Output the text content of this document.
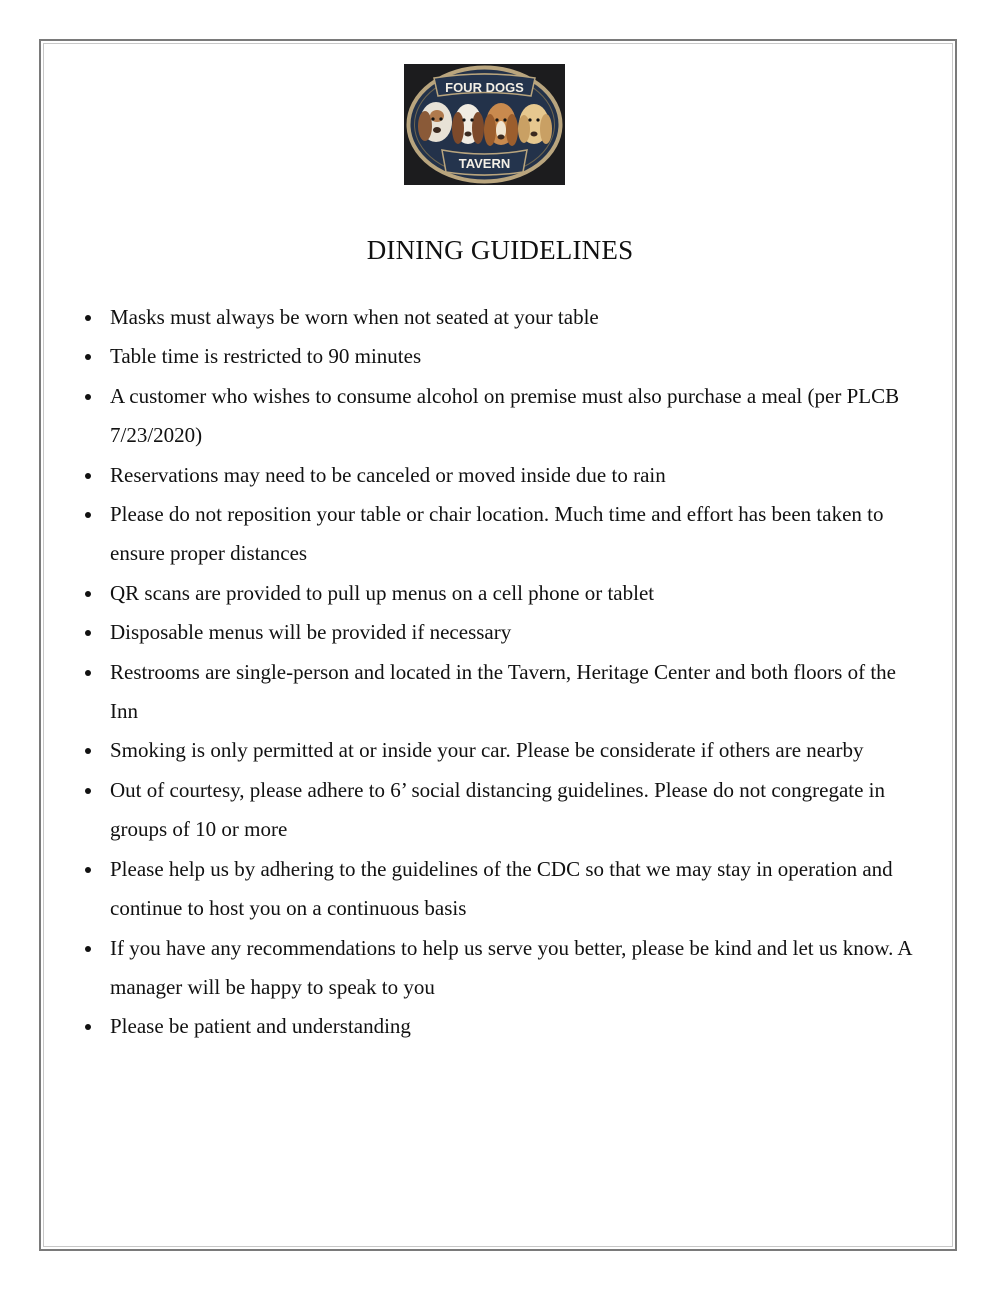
FOUR DOGS
TAVERN
DINING GUIDELINES
Masks must always be worn when not seated at your table
Table time is restricted to 90 minutes
A customer who wishes to consume alcohol on premise must also purchase a meal (per PLCB 7/23/2020)
Reservations may need to be canceled or moved inside due to rain
Please do not reposition your table or chair location. Much time and effort has been taken to ensure proper distances
QR scans are provided to pull up menus on a cell phone or tablet
Disposable menus will be provided if necessary
Restrooms are single-person and located in the Tavern, Heritage Center and both floors of the Inn
Smoking is only permitted at or inside your car. Please be considerate if others are nearby
Out of courtesy, please adhere to 6’ social distancing guidelines. Please do not congregate in groups of 10 or more
Please help us by adhering to the guidelines of the CDC so that we may stay in operation and continue to host you on a continuous basis
If you have any recommendations to help us serve you better, please be kind and let us know. A manager will be happy to speak to you
Please be patient and understanding
